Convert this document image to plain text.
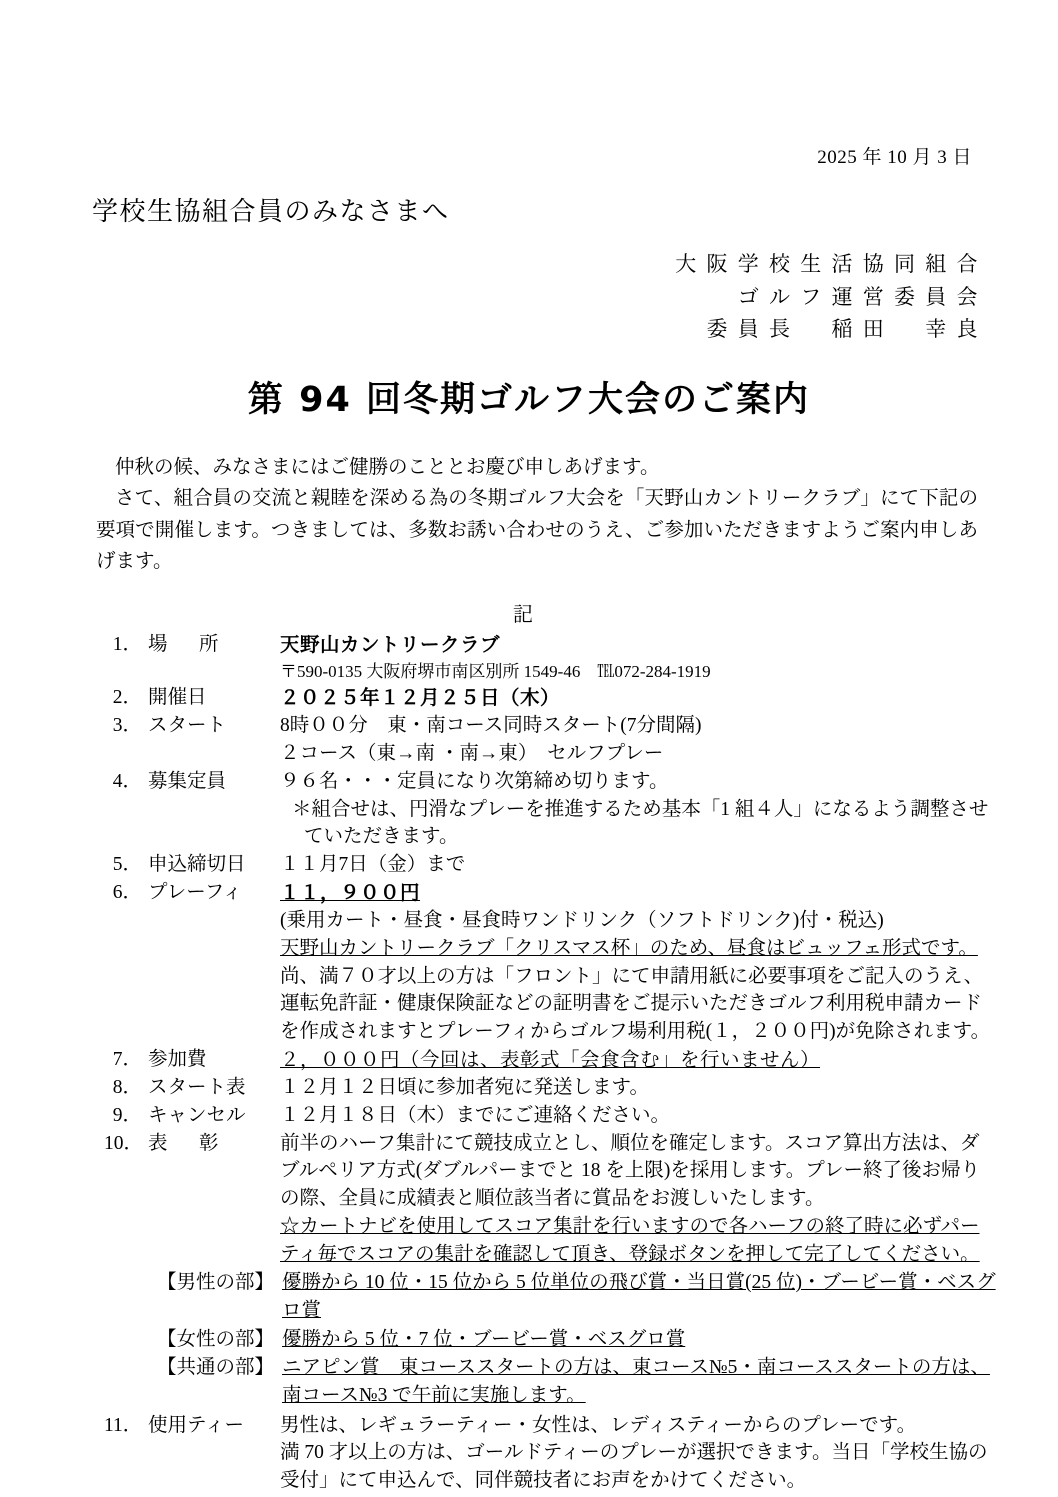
2025 年 10 月 3 日
学校生協組合員のみなさまへ
大 阪 学 校 生 活 協 同 組 合
ゴ ル フ 運 営 委 員 会
委 員 長  　稲 田  　幸 良
第 94 回冬期ゴルフ大会のご案内

仲秋の候、みなさまにはご健勝のこととお慶び申しあげます。

さて、組合員の交流と親睦を深める為の冬期ゴルフ大会を「天野山カントリークラブ」にて下記の要項で開催します。つきましては、多数お誘い合わせのうえ、ご参加いただきますようご案内申しあげます。

記
1． 場　所	天野山カントリークラブ
〒590-0135 大阪府堺市南区別所 1549-46　℡072-284-1919
2． 開催日	２０２５年１２月２５日（木）
3． スタート	8時００分　東・南コース同時スタート(7分間隔)
２コース（東→南 ・南→東）　セルフプレー
4． 募集定員	９６名・・・定員になり次第締め切ります。
＊組合せは、円滑なプレーを推進するため基本「1 組４人」になるよう調整させていただきます。
5． 申込締切日	１１月7日（金）まで
6． プレーフィ	１１，９００円
(乗用カート・昼食・昼食時ワンドリンク（ソフトドリンク)付・税込)
天野山カントリークラブ「クリスマス杯」のため、昼食はビュッフェ形式です。
尚、満７０才以上の方は「フロント」にて申請用紙に必要事項をご記入のうえ、運転免許証・健康保険証などの証明書をご提示いただきゴルフ利用税申請カードを作成されますとプレーフィからゴルフ場利用税(１，２００円)が免除されます。
7． 参加費	２，０００円（今回は、表彰式「会食含む」を行いません）
8． スタート表	１２月１２日頃に参加者宛に発送します。
9． キャンセル	１２月１８日（木）までにご連絡ください。
10． 表　彰	前半のハーフ集計にて競技成立とし、順位を確定します。スコア算出方法は、ダブルペリア方式(ダブルパーまでと 18 を上限)を採用します。プレー終了後お帰りの際、全員に成績表と順位該当者に賞品をお渡しいたします。
☆カートナビを使用してスコア集計を行いますので各ハーフの終了時に必ずパーティ毎でスコアの集計を確認して頂き、登録ボタンを押して完了してください。
【男性の部】 優勝から 10 位・15 位から 5 位単位の飛び賞・当日賞(25 位)・ブービー賞・ベスグロ賞
【女性の部】 優勝から 5 位・7 位・ブービー賞・ベスグロ賞
【共通の部】 ニアピン賞　東コーススタートの方は、東コース№5・南コーススタートの方は、南コース№3 で午前に実施します。
11． 使用ティー	男性は、レギュラーティー・女性は、レディスティーからのプレーです。
満 70 才以上の方は、ゴールドティーのプレーが選択できます。当日「学校生協の受付」にて申込んで、同伴競技者にお声をかけてください。
